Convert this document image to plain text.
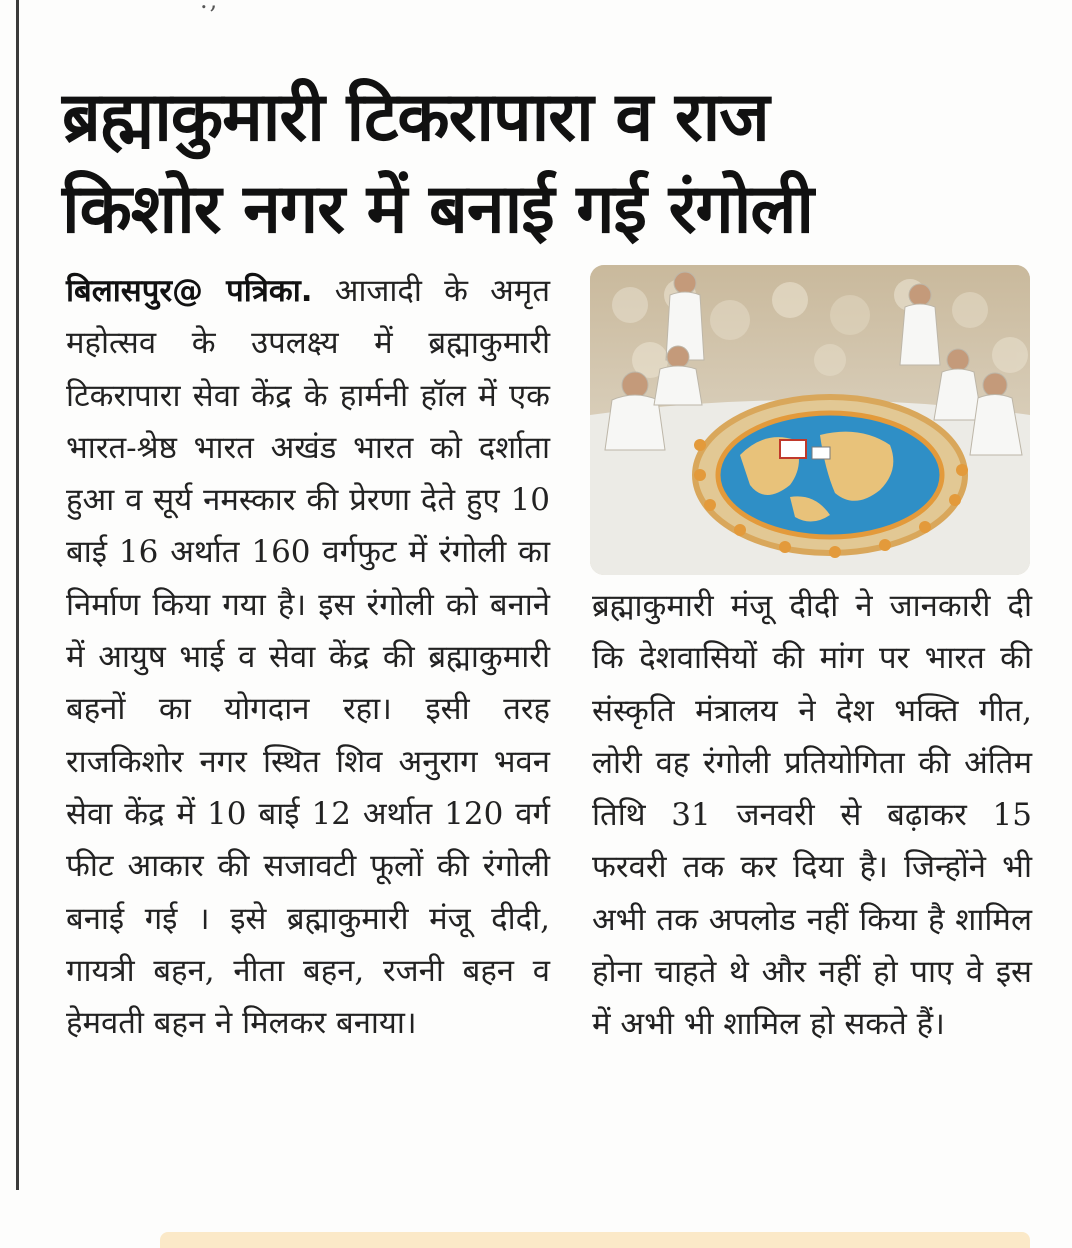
.,
ब्रह्माकुमारी टिकरापारा व राज
किशोर नगर में बनाई गई रंगोली
बिलासपुर@ पत्रिका. आजादी के अमृत महोत्सव के उपलक्ष्य में ब्रह्माकुमारी टिकरापारा सेवा केंद्र के हार्मनी हॉल में एक भारत-श्रेष्ठ भारत अखंड भारत को दर्शाता हुआ व सूर्य नमस्कार की प्रेरणा देते हुए 10 बाई 16 अर्थात 160 वर्गफुट में रंगोली का निर्माण किया गया है। इस रंगोली को बनाने में आयुष भाई व सेवा केंद्र की ब्रह्माकुमारी बहनों का योगदान रहा। इसी तरह राजकिशोर नगर स्थित शिव अनुराग भवन सेवा केंद्र में 10 बाई 12 अर्थात 120 वर्ग फीट आकार की सजावटी फूलों की रंगोली बनाई गई । इसे ब्रह्माकुमारी मंजू दीदी, गायत्री बहन, नीता बहन, रजनी बहन व हेमवती बहन ने मिलकर बनाया।
ब्रह्माकुमारी मंजू दीदी ने जानकारी दी कि देशवासियों की मांग पर भारत की संस्कृति मंत्रालय ने देश भक्ति गीत, लोरी वह रंगोली प्रतियोगिता की अंतिम तिथि 31 जनवरी से बढ़ाकर 15 फरवरी तक कर दिया है। जिन्होंने भी अभी तक अपलोड नहीं किया है शामिल होना चाहते थे और नहीं हो पाए वे इस में अभी भी शामिल हो सकते हैं।
